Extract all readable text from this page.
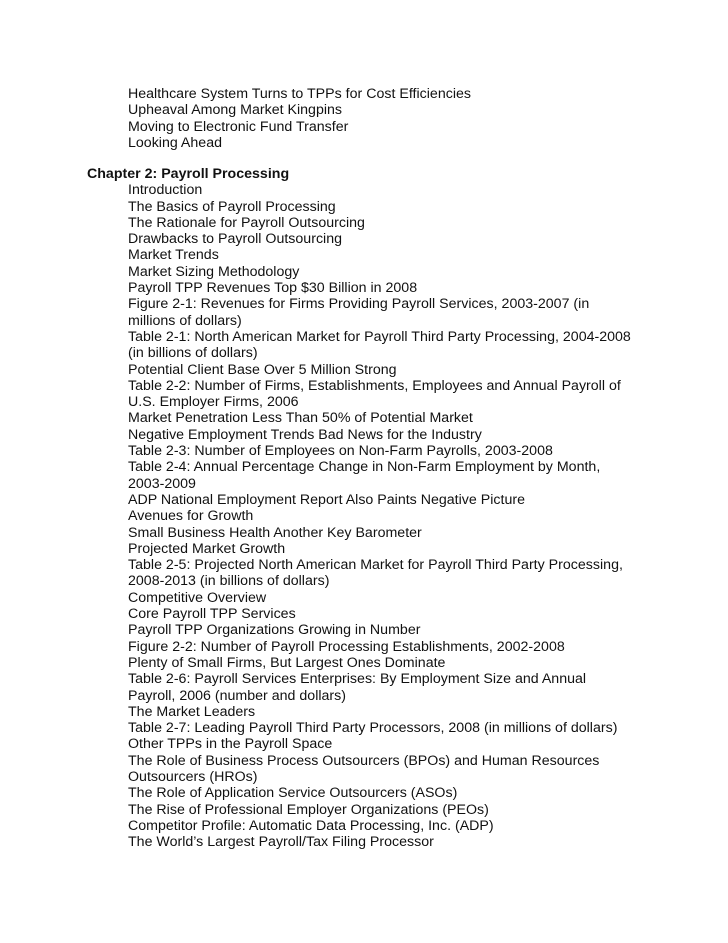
Healthcare System Turns to TPPs for Cost Efficiencies
Upheaval Among Market Kingpins
Moving to Electronic Fund Transfer
Looking Ahead
Chapter 2: Payroll Processing
Introduction
The Basics of Payroll Processing
The Rationale for Payroll Outsourcing
Drawbacks to Payroll Outsourcing
Market Trends
Market Sizing Methodology
Payroll TPP Revenues Top $30 Billion in 2008
Figure 2-1: Revenues for Firms Providing Payroll Services, 2003-2007 (in
millions of dollars)
Table 2-1: North American Market for Payroll Third Party Processing, 2004-2008
(in billions of dollars)
Potential Client Base Over 5 Million Strong
Table 2-2: Number of Firms, Establishments, Employees and Annual Payroll of
U.S. Employer Firms, 2006
Market Penetration Less Than 50% of Potential Market
Negative Employment Trends Bad News for the Industry
Table 2-3: Number of Employees on Non-Farm Payrolls, 2003-2008
Table 2-4: Annual Percentage Change in Non-Farm Employment by Month,
2003-2009
ADP National Employment Report Also Paints Negative Picture
Avenues for Growth
Small Business Health Another Key Barometer
Projected Market Growth
Table 2-5: Projected North American Market for Payroll Third Party Processing,
2008-2013 (in billions of dollars)
Competitive Overview
Core Payroll TPP Services
Payroll TPP Organizations Growing in Number
Figure 2-2: Number of Payroll Processing Establishments, 2002-2008
Plenty of Small Firms, But Largest Ones Dominate
Table 2-6: Payroll Services Enterprises: By Employment Size and Annual
Payroll, 2006 (number and dollars)
The Market Leaders
Table 2-7: Leading Payroll Third Party Processors, 2008 (in millions of dollars)
Other TPPs in the Payroll Space
The Role of Business Process Outsourcers (BPOs) and Human Resources
Outsourcers (HROs)
The Role of Application Service Outsourcers (ASOs)
The Rise of Professional Employer Organizations (PEOs)
Competitor Profile: Automatic Data Processing, Inc. (ADP)
The World’s Largest Payroll/Tax Filing Processor
